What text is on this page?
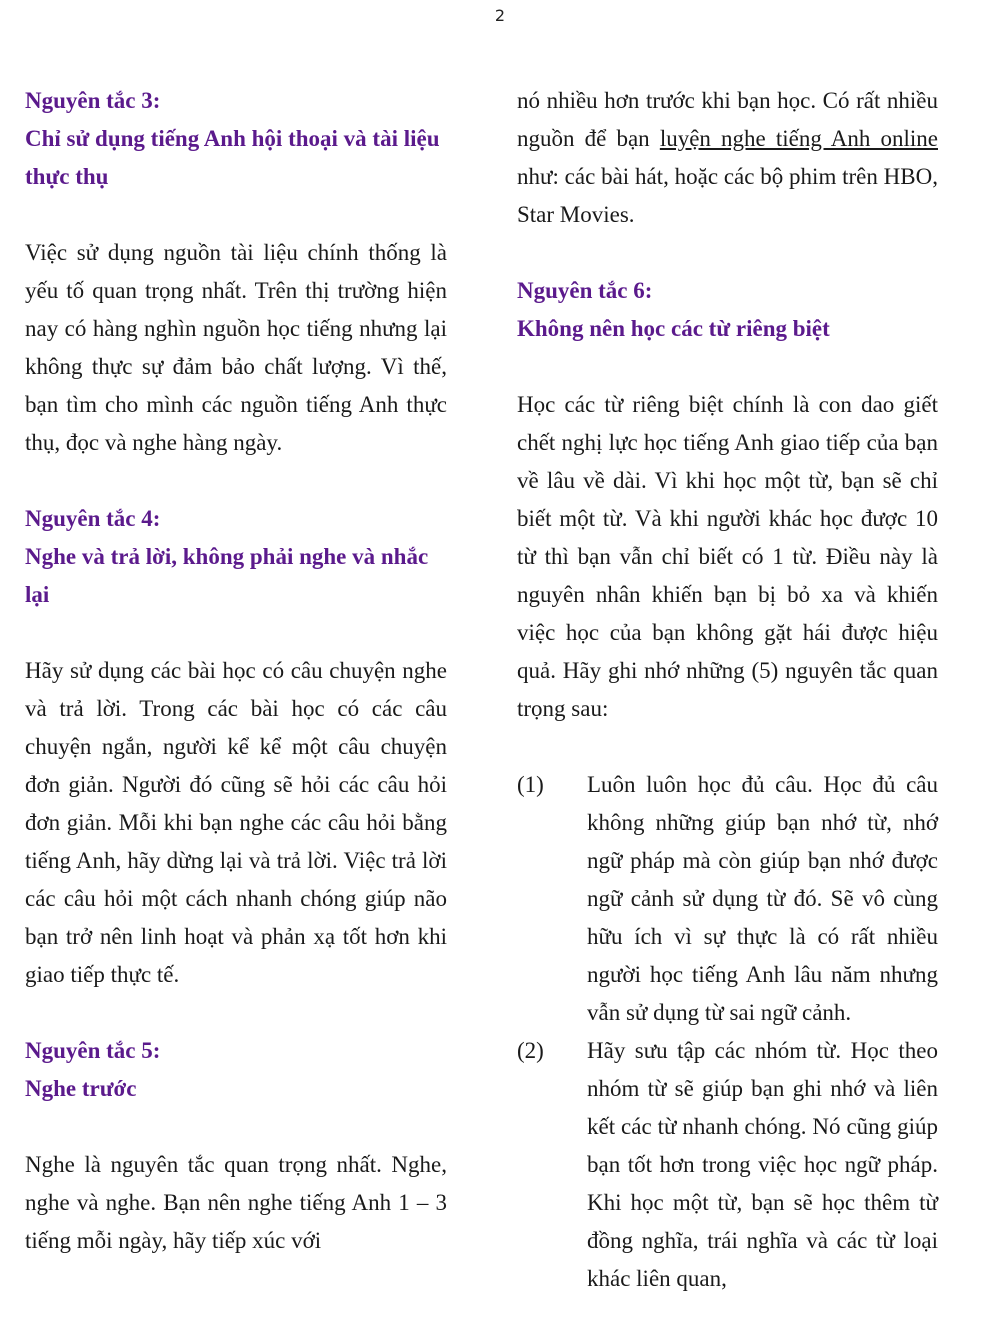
2

Nguyên tắc 3:

Chỉ sử dụng tiếng Anh hội thoại và tài liệu thực thụ

Việc sử dụng nguồn tài liệu chính thống là yếu tố quan trọng nhất. Trên thị trường hiện nay có hàng nghìn nguồn học tiếng nhưng lại không thực sự đảm bảo chất lượng. Vì thế, bạn tìm cho mình các nguồn tiếng Anh thực thụ, đọc và nghe hàng ngày.

Nguyên tắc 4:

Nghe và trả lời, không phải nghe và nhắc lại

Hãy sử dụng các bài học có câu chuyện nghe và trả lời. Trong các bài học có các câu chuyện ngắn, người kể kể một câu chuyện đơn giản. Người đó cũng sẽ hỏi các câu hỏi đơn giản. Mỗi khi bạn nghe các câu hỏi bằng tiếng Anh, hãy dừng lại và trả lời. Việc trả lời các câu hỏi một cách nhanh chóng giúp não bạn trở nên linh hoạt và phản xạ tốt hơn khi giao tiếp thực tế.

Nguyên tắc 5:

Nghe trước

Nghe là nguyên tắc quan trọng nhất. Nghe, nghe và nghe. Bạn nên nghe tiếng Anh 1 – 3 tiếng mỗi ngày, hãy tiếp xúc với

nó nhiều hơn trước khi bạn học. Có rất nhiều nguồn để bạn luyện nghe tiếng Anh online như: các bài hát, hoặc các bộ phim trên HBO, Star Movies.

Nguyên tắc 6:

Không nên học các từ riêng biệt

Học các từ riêng biệt chính là con dao giết chết nghị lực học tiếng Anh giao tiếp của bạn về lâu về dài. Vì khi học một từ, bạn sẽ chỉ biết một từ. Và khi người khác học được 10 từ thì bạn vẫn chỉ biết có 1 từ. Điều này là nguyên nhân khiến bạn bị bỏ xa và khiến việc học của bạn không gặt hái được hiệu quả. Hãy ghi nhớ những (5) nguyên tắc quan trọng sau:

(1)	Luôn luôn học đủ câu. Học đủ câu không những giúp bạn nhớ từ, nhớ ngữ pháp mà còn giúp bạn nhớ được ngữ cảnh sử dụng từ đó. Sẽ vô cùng hữu ích vì sự thực là có rất nhiều người học tiếng Anh lâu năm nhưng vẫn sử dụng từ sai ngữ cảnh.
(2)	Hãy sưu tập các nhóm từ. Học theo nhóm từ sẽ giúp bạn ghi nhớ và liên kết các từ nhanh chóng. Nó cũng giúp bạn tốt hơn trong việc học ngữ pháp. Khi học một từ, bạn sẽ học thêm từ đồng nghĩa, trái nghĩa và các từ loại khác liên quan,
